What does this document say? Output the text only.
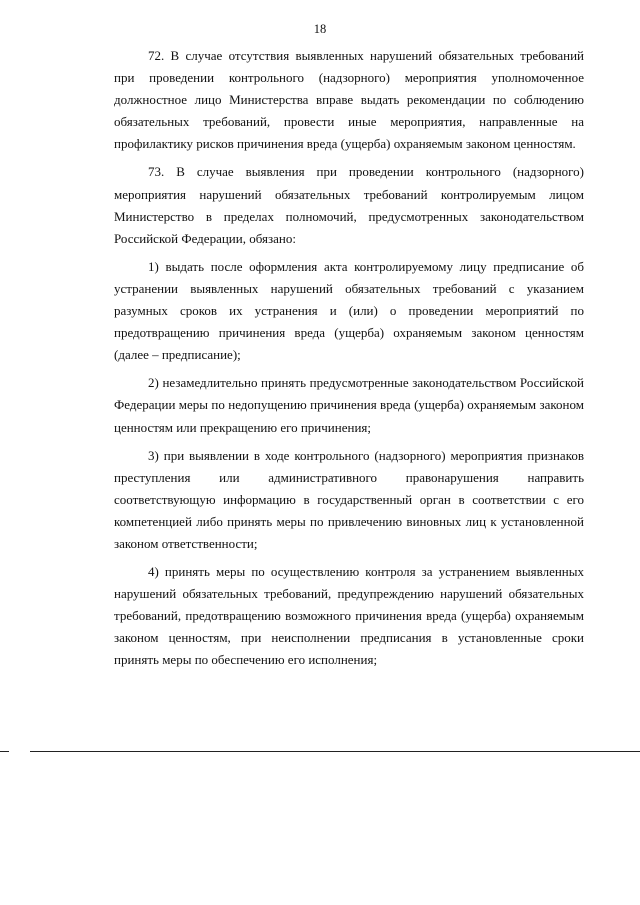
18

72. В случае отсутствия выявленных нарушений обязательных требований при проведении контрольного (надзорного) мероприятия уполномоченное должностное лицо Министерства вправе выдать рекомендации по соблюдению обязательных требований, провести иные мероприятия, направленные на профилактику рисков причинения вреда (ущерба) охраняемым законом ценностям.

73. В случае выявления при проведении контрольного (надзорного) мероприятия нарушений обязательных требований контролируемым лицом Министерство в пределах полномочий, предусмотренных законодательством Российской Федерации, обязано:

1) выдать после оформления акта контролируемому лицу предписание об устранении выявленных нарушений обязательных требований с указанием разумных сроков их устранения и (или) о проведении мероприятий по предотвращению причинения вреда (ущерба) охраняемым законом ценностям (далее – предписание);

2) незамедлительно принять предусмотренные законодательством Российской Федерации меры по недопущению причинения вреда (ущерба) охраняемым законом ценностям или прекращению его причинения;

3) при выявлении в ходе контрольного (надзорного) мероприятия признаков преступления или административного правонарушения направить соответствующую информацию в государственный орган в соответствии с его компетенцией либо принять меры по привлечению виновных лиц к установленной законом ответственности;

4) принять меры по осуществлению контроля за устранением выявленных нарушений обязательных требований, предупреждению нарушений обязательных требований, предотвращению возможного причинения вреда (ущерба) охраняемым законом ценностям, при неисполнении предписания в установленные сроки принять меры по обеспечению его исполнения;
